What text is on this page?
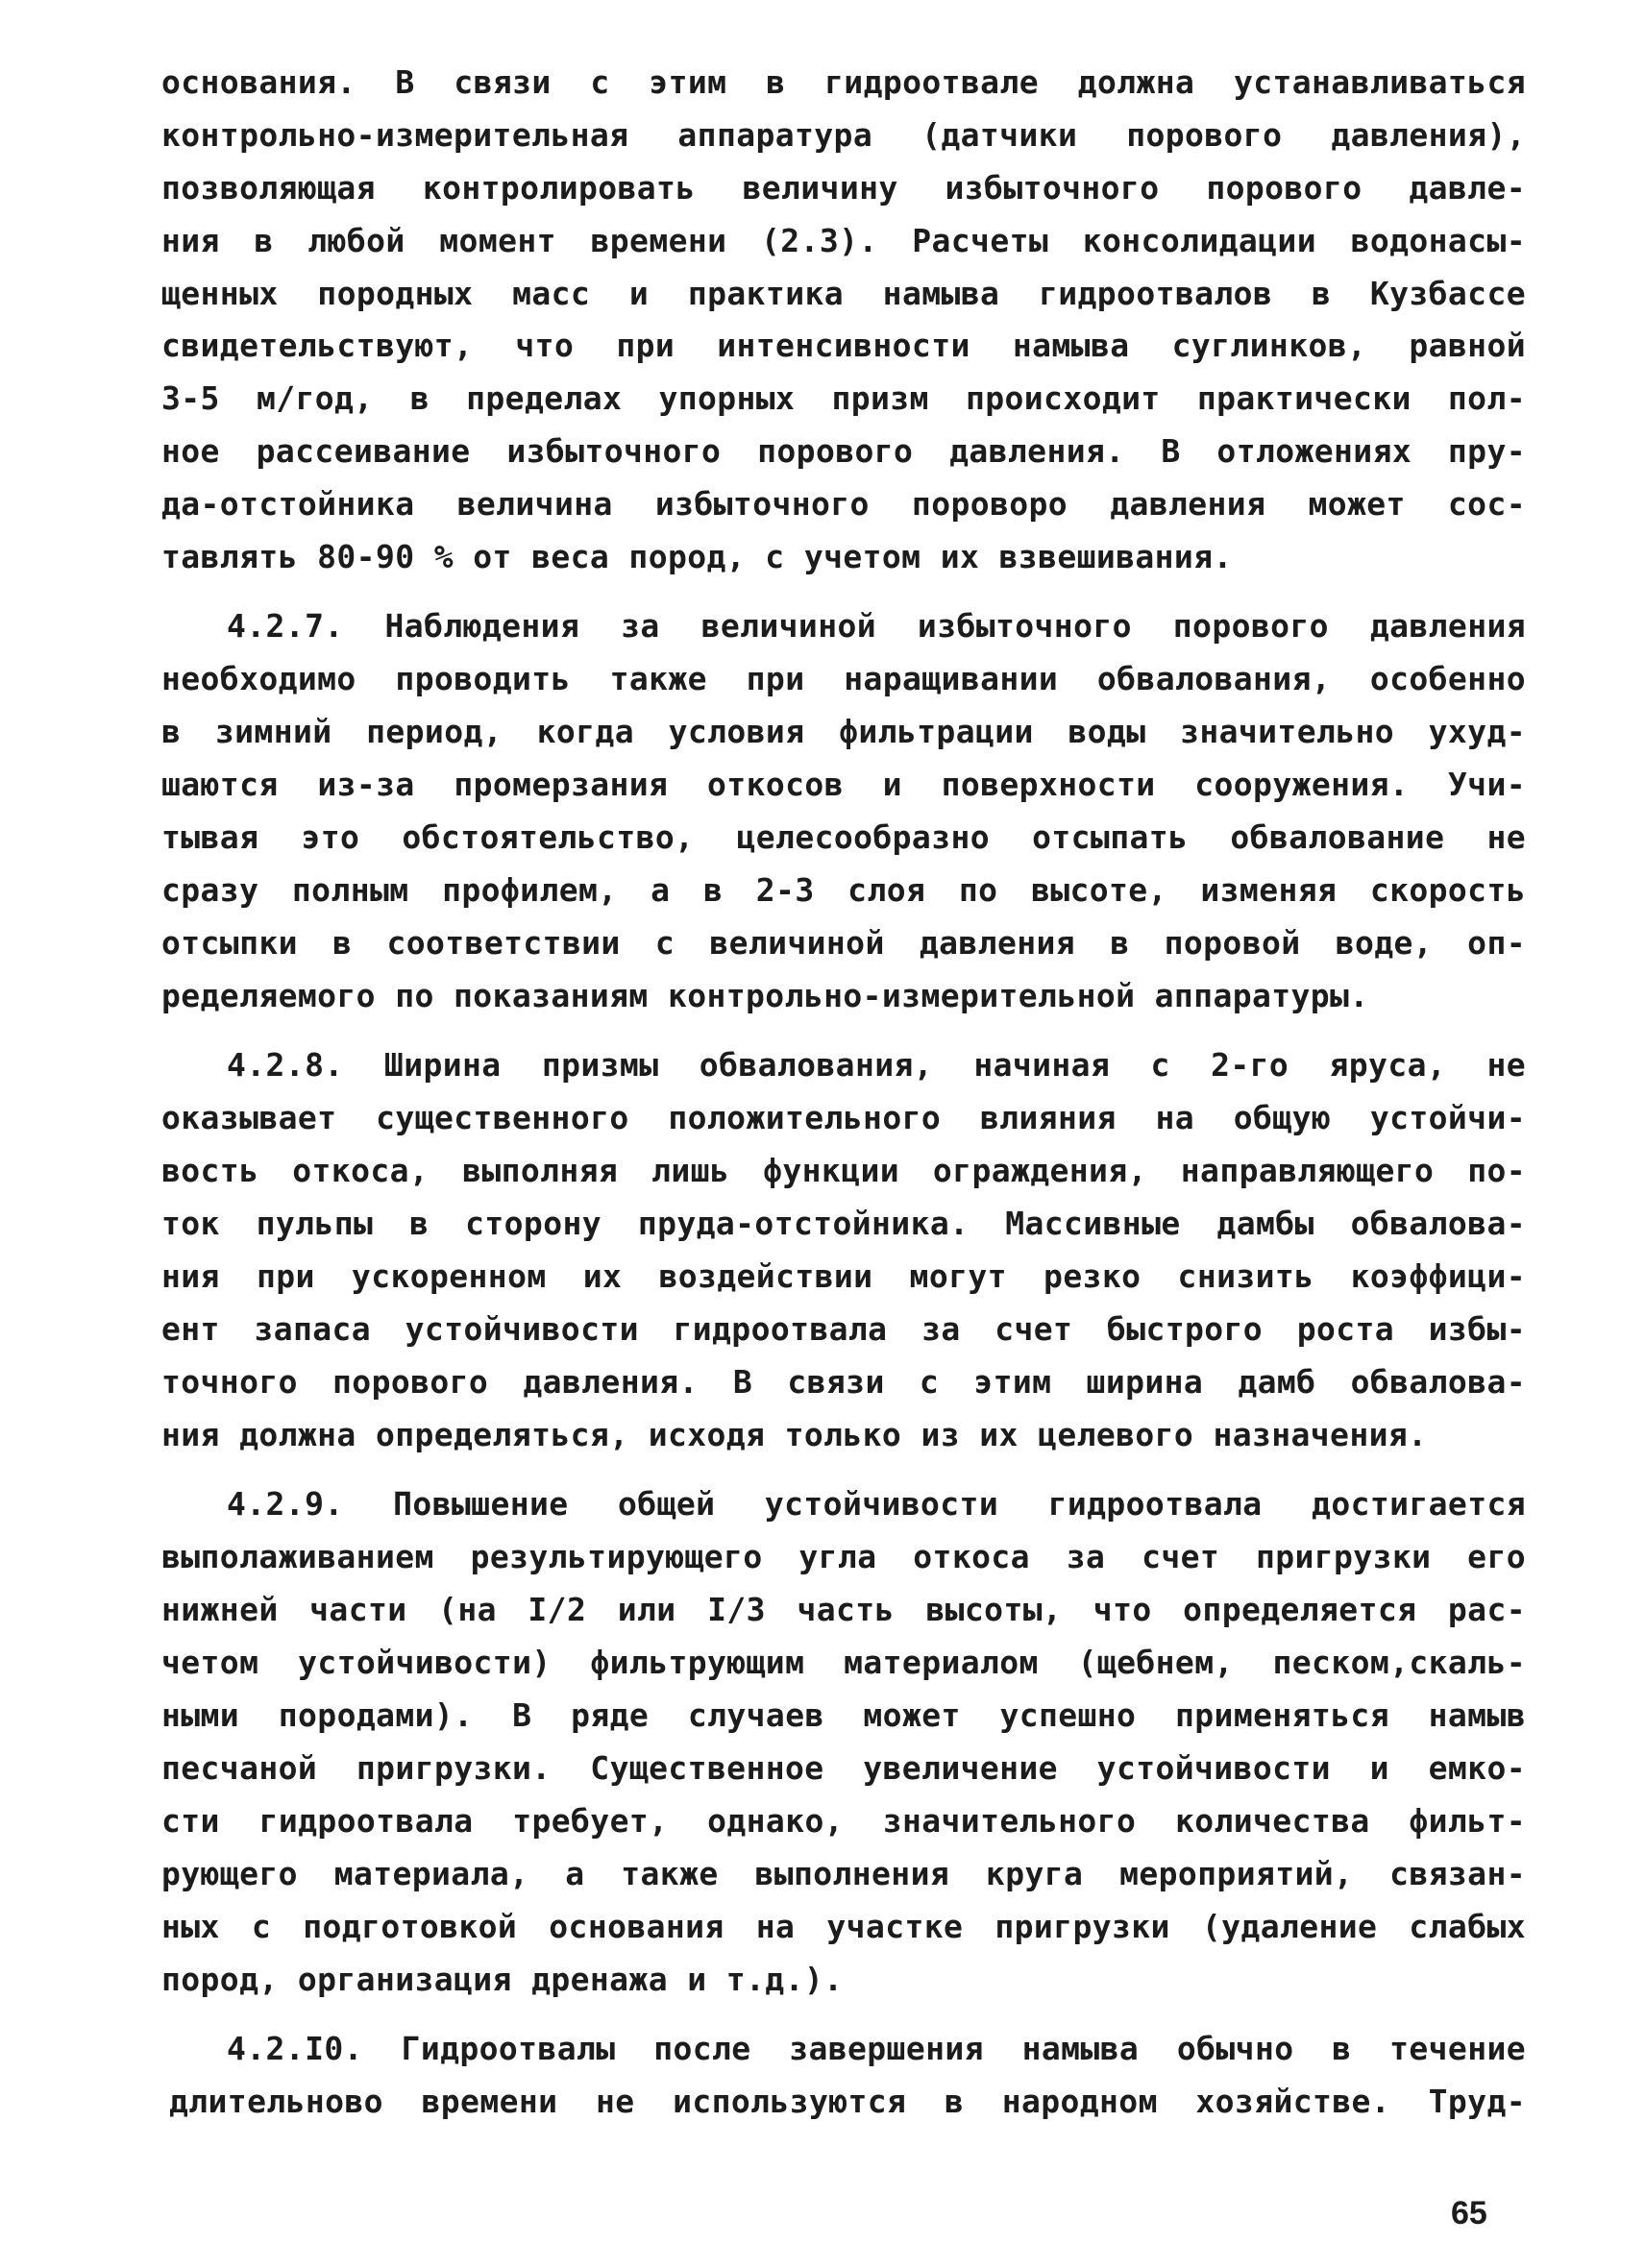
основания. В связи с этим в гидроотвале должна устанавливаться

контрольно-измерительная аппаратура (датчики порового давления),

позволяющая контролировать величину избыточного порового давле-

ния в любой момент времени (2.3). Расчеты консолидации водонасы-

щенных породных масс и практика намыва гидроотвалов в Кузбассе

свидетельствуют, что при интенсивности намыва суглинков, равной

3-5 м/год, в пределах упорных призм происходит практически пол-

ное рассеивание избыточного порового давления. В отложениях пру-

да-отстойника величина избыточного пороворо давления может сос-

тавлять 80-90 % от веса пород, с учетом их взвешивания.

4.2.7. Наблюдения за величиной избыточного порового давления

необходимо проводить также при наращивании обвалования, особенно

в зимний период, когда условия фильтрации воды значительно ухуд-

шаются из-за промерзания откосов и поверхности сооружения. Учи-

тывая это обстоятельство, целесообразно отсыпать обвалование не

сразу полным профилем, а в 2-3 слоя по высоте, изменяя скорость

отсыпки в соответствии с величиной давления в поровой воде, оп-

ределяемого по показаниям контрольно-измерительной аппаратуры.

4.2.8. Ширина призмы обвалования, начиная с 2-го яруса, не

оказывает существенного положительного влияния на общую устойчи-

вость откоса, выполняя лишь функции ограждения, направляющего по-

ток пульпы в сторону пруда-отстойника. Массивные дамбы обвалова-

ния при ускоренном их воздействии могут резко снизить коэффици-

ент запаса устойчивости гидроотвала за счет быстрого роста избы-

точного порового давления. В связи с этим ширина дамб обвалова-

ния должна определяться, исходя только из их целевого назначения.

4.2.9. Повышение общей устойчивости гидроотвала достигается

выполаживанием результирующего угла откоса за счет пригрузки его

нижней части (на I/2 или I/3 часть высоты, что определяется рас-

четом устойчивости) фильтрующим материалом (щебнем, песком,скаль-

ными породами). В ряде случаев может успешно применяться намыв

песчаной пригрузки. Существенное увеличение устойчивости и емко-

сти гидроотвала требует, однако, значительного количества фильт-

рующего материала, а также выполнения круга мероприятий, связан-

ных с подготовкой основания на участке пригрузки (удаление слабых

пород, организация дренажа и т.д.).

4.2.I0. Гидроотвалы после завершения намыва обычно в течение

длительново времени не используются в народном хозяйстве. Труд-

65
